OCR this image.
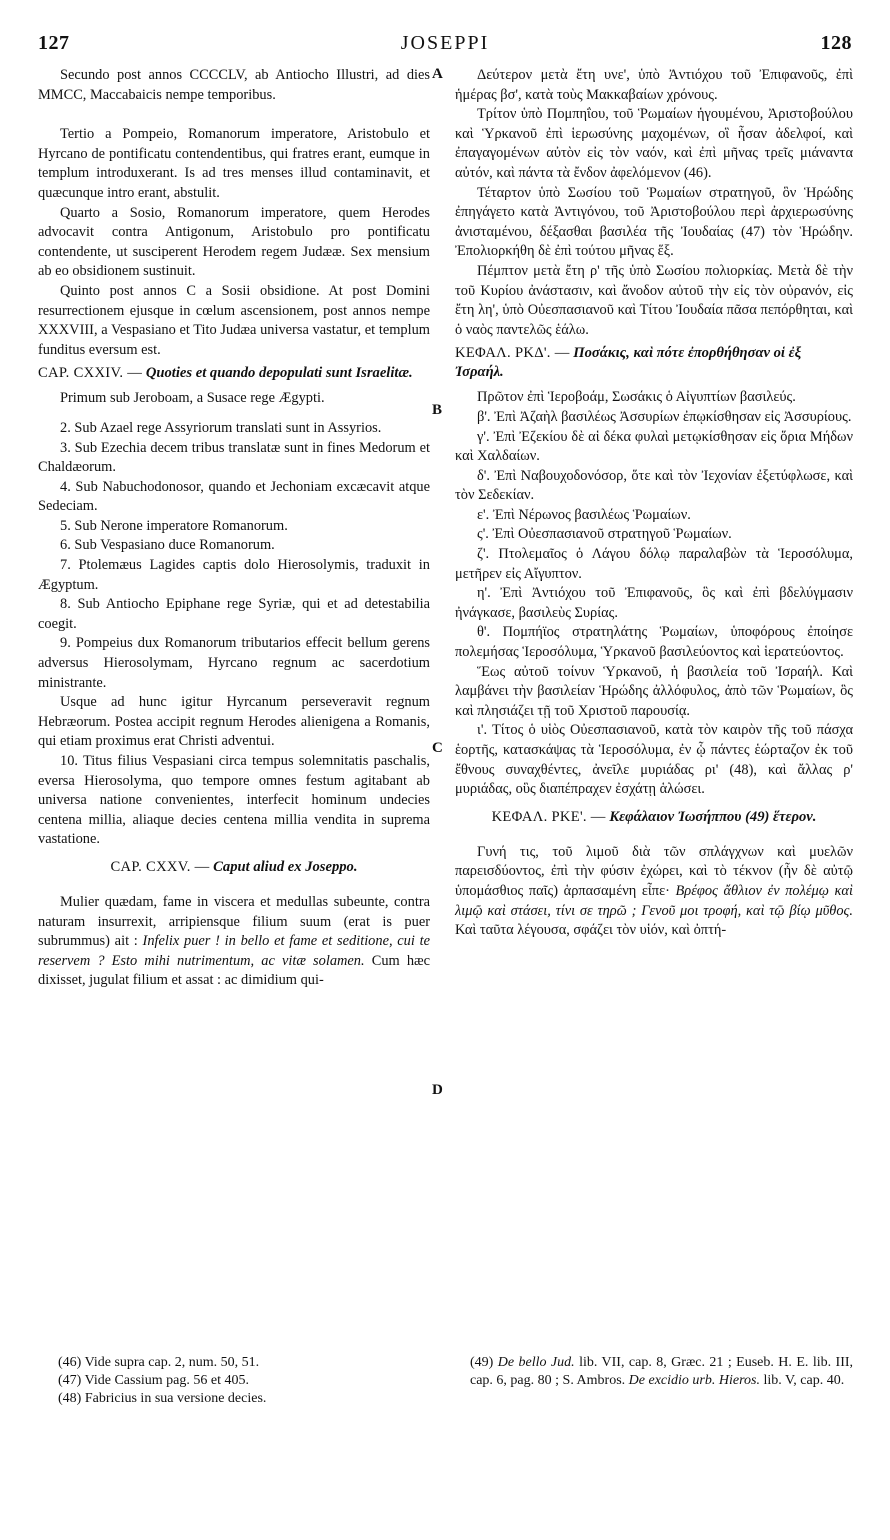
127	JOSEPPI	128
A
B
C
D

Secundo post annos CCCCLV, ab Antiocho Illustri, ad dies MMCC, Maccabaicis nempe temporibus.

Tertio a Pompeio, Romanorum imperatore, Aristobulo et Hyrcano de pontificatu contendentibus, qui fratres erant, eumque in templum introduxerant. Is ad tres menses illud contaminavit, et quæcunque intro erant, abstulit.

Quarto a Sosio, Romanorum imperatore, quem Herodes advocavit contra Antigonum, Aristobulo pro pontificatu contendente, ut susciperent Herodem regem Judææ. Sex mensium ab eo obsidionem sustinuit.

Quinto post annos C a Sosii obsidione. At post Domini resurrectionem ejusque in cœlum ascensionem, post annos nempe XXXVIII, a Vespasiano et Tito Judæa universa vastatur, et templum funditus eversum est.

CAP. CXXIV. — Quoties et quando depopulati sunt Israelitæ.

Primum sub Jeroboam, a Susace rege Ægypti.

2. Sub Azael rege Assyriorum translati sunt in Assyrios.

3. Sub Ezechia decem tribus translatæ sunt in fines Medorum et Chaldæorum.

4. Sub Nabuchodonosor, quando et Jechoniam excæcavit atque Sedeciam.

5. Sub Nerone imperatore Romanorum.

6. Sub Vespasiano duce Romanorum.

7. Ptolemæus Lagides captis dolo Hierosolymis, traduxit in Ægyptum.

8. Sub Antiocho Epiphane rege Syriæ, qui et ad detestabilia coegit.

9. Pompeius dux Romanorum tributarios effecit bellum gerens adversus Hierosolymam, Hyrcano regnum ac sacerdotium ministrante.

Usque ad hunc igitur Hyrcanum perseveravit regnum Hebræorum. Postea accipit regnum Herodes alienigena a Romanis, qui etiam proximus erat Christi adventui.

10. Titus filius Vespasiani circa tempus solemnitatis paschalis, eversa Hierosolyma, quo tempore omnes festum agitabant ab universa natione convenientes, interfecit hominum undecies centena millia, aliaque decies centena millia vendita in suprema vastatione.

CAP. CXXV. — Caput aliud ex Joseppo.

Mulier quædam, fame in viscera et medullas subeunte, contra naturam insurrexit, arripiensque filium suum (erat is puer subrummus) ait : Infelix puer ! in bello et fame et seditione, cui te reservem ? Esto mihi nutrimentum, ac vitæ solamen. Cum hæc dixisset, jugulat filium et assat : ac dimidium qui-

Δεύτερον μετὰ ἔτη υνε', ὑπὸ Ἀντιόχου τοῦ Ἐπιφανοῦς, ἐπὶ ἡμέρας βσ', κατὰ τοὺς Μακκαβαίων χρόνους.

Τρίτον ὑπὸ Πομπηΐου, τοῦ Ῥωμαίων ἡγουμένου, Ἀριστοβούλου καὶ Ὑρκανοῦ ἐπὶ ἱερωσύνης μαχομένων, οἳ ἦσαν ἀδελφοί, καὶ ἐπαγαγομένων αὐτὸν εἰς τὸν ναόν, καὶ ἐπὶ μῆνας τρεῖς μιάναντα αὐτόν, καὶ πάντα τὰ ἔνδον ἀφελόμενον (46).

Τέταρτον ὑπὸ Σωσίου τοῦ Ῥωμαίων στρατηγοῦ, ὃν Ἡρώδης ἐπηγάγετο κατὰ Ἀντιγόνου, τοῦ Ἀριστοβούλου περὶ ἀρχιερωσύνης ἀνισταμένου, δέξασθαι βασιλέα τῆς Ἰουδαίας (47) τὸν Ἡρώδην. Ἐπολιορκήθη δὲ ἐπὶ τούτου μῆνας ἕξ.

Πέμπτον μετὰ ἔτη ρ' τῆς ὑπὸ Σωσίου πολιορκίας. Μετὰ δὲ τὴν τοῦ Κυρίου ἀνάστασιν, καὶ ἄνοδον αὐτοῦ τὴν εἰς τὸν οὐρανόν, εἰς ἔτη λη', ὑπὸ Οὐεσπασιανοῦ καὶ Τίτου Ἰουδαία πᾶσα πεπόρθηται, καὶ ὁ ναὸς παντελῶς ἑάλω.

ΚΕΦΑΛ. ΡΚΔ'. — Ποσάκις, καὶ πότε ἐπορθήθησαν οἱ ἐξ Ἰσραήλ.

Πρῶτον ἐπὶ Ἱεροβοάμ, Σωσάκις ὁ Αἰγυπτίων βασιλεύς.

β'. Ἐπὶ Ἀζαὴλ βασιλέως Ἀσσυρίων ἐπῳκίσθησαν εἰς Ἀσσυρίους.

γ'. Ἐπὶ Ἐζεκίου δὲ αἱ δέκα φυλαὶ μετῳκίσθησαν εἰς ὅρια Μήδων καὶ Χαλδαίων.

δ'. Ἐπὶ Ναβουχοδονόσορ, ὅτε καὶ τὸν Ἰεχονίαν ἐξετύφλωσε, καὶ τὸν Σεδεκίαν.

ε'. Ἐπὶ Νέρωνος βασιλέως Ῥωμαίων.

ς'. Ἐπὶ Οὐεσπασιανοῦ στρατηγοῦ Ῥωμαίων.

ζ'. Πτολεμαῖος ὁ Λάγου δόλῳ παραλαβὼν τὰ Ἱεροσόλυμα, μετῆρεν εἰς Αἴγυπτον.

η'. Ἐπὶ Ἀντιόχου τοῦ Ἐπιφανοῦς, ὃς καὶ ἐπὶ βδελύγμασιν ἠνάγκασε, βασιλεὺς Συρίας.

θ'. Πομπήϊος στρατηλάτης Ῥωμαίων, ὑποφόρους ἐποίησε πολεμήσας Ἱεροσόλυμα, Ὑρκανοῦ βασιλεύοντος καὶ ἱερατεύοντος.

Ἕως αὐτοῦ τοίνυν Ὑρκανοῦ, ἡ βασιλεία τοῦ Ἰσραήλ. Καὶ λαμβάνει τὴν βασιλείαν Ἡρώδης ἀλλόφυλος, ἀπὸ τῶν Ῥωμαίων, ὃς καὶ πλησιάζει τῇ τοῦ Χριστοῦ παρουσίᾳ.

ι'. Τίτος ὁ υἱὸς Οὐεσπασιανοῦ, κατὰ τὸν καιρὸν τῆς τοῦ πάσχα ἑορτῆς, κατασκάψας τὰ Ἱεροσόλυμα, ἐν ᾧ πάντες ἑώρταζον ἐκ τοῦ ἔθνους συναχθέντες, ἀνεῖλε μυριάδας ρι' (48), καὶ ἄλλας ρ' μυριάδας, οὓς διαπέπραχεν ἐσχάτῃ ἁλώσει.

ΚΕΦΑΛ. ΡΚΕ'. — Κεφάλαιον Ἰωσήππου (49) ἕτερον.

Γυνή τις, τοῦ λιμοῦ διὰ τῶν σπλάγχνων καὶ μυελῶν παρεισδύοντος, ἐπὶ τὴν φύσιν ἐχώρει, καὶ τὸ τέκνον (ἦν δὲ αὐτῷ ὑπομάσθιος παῖς) ἁρπασαμένη εἶπε· Βρέφος ἄθλιον ἐν πολέμῳ καὶ λιμῷ καὶ στάσει, τίνι σε τηρῶ ; Γενοῦ μοι τροφή, καὶ τῷ βίῳ μῦθος. Καὶ ταῦτα λέγουσα, σφάζει τὸν υἱόν, καὶ ὀπτή-

(46) Vide supra cap. 2, num. 50, 51.
(47) Vide Cassium pag. 56 et 405.
(48) Fabricius in sua versione decies.
(49) De bello Jud. lib. VII, cap. 8, Græc. 21 ; Euseb. H. E. lib. III, cap. 6, pag. 80 ; S. Ambros. De excidio urb. Hieros. lib. V, cap. 40.
